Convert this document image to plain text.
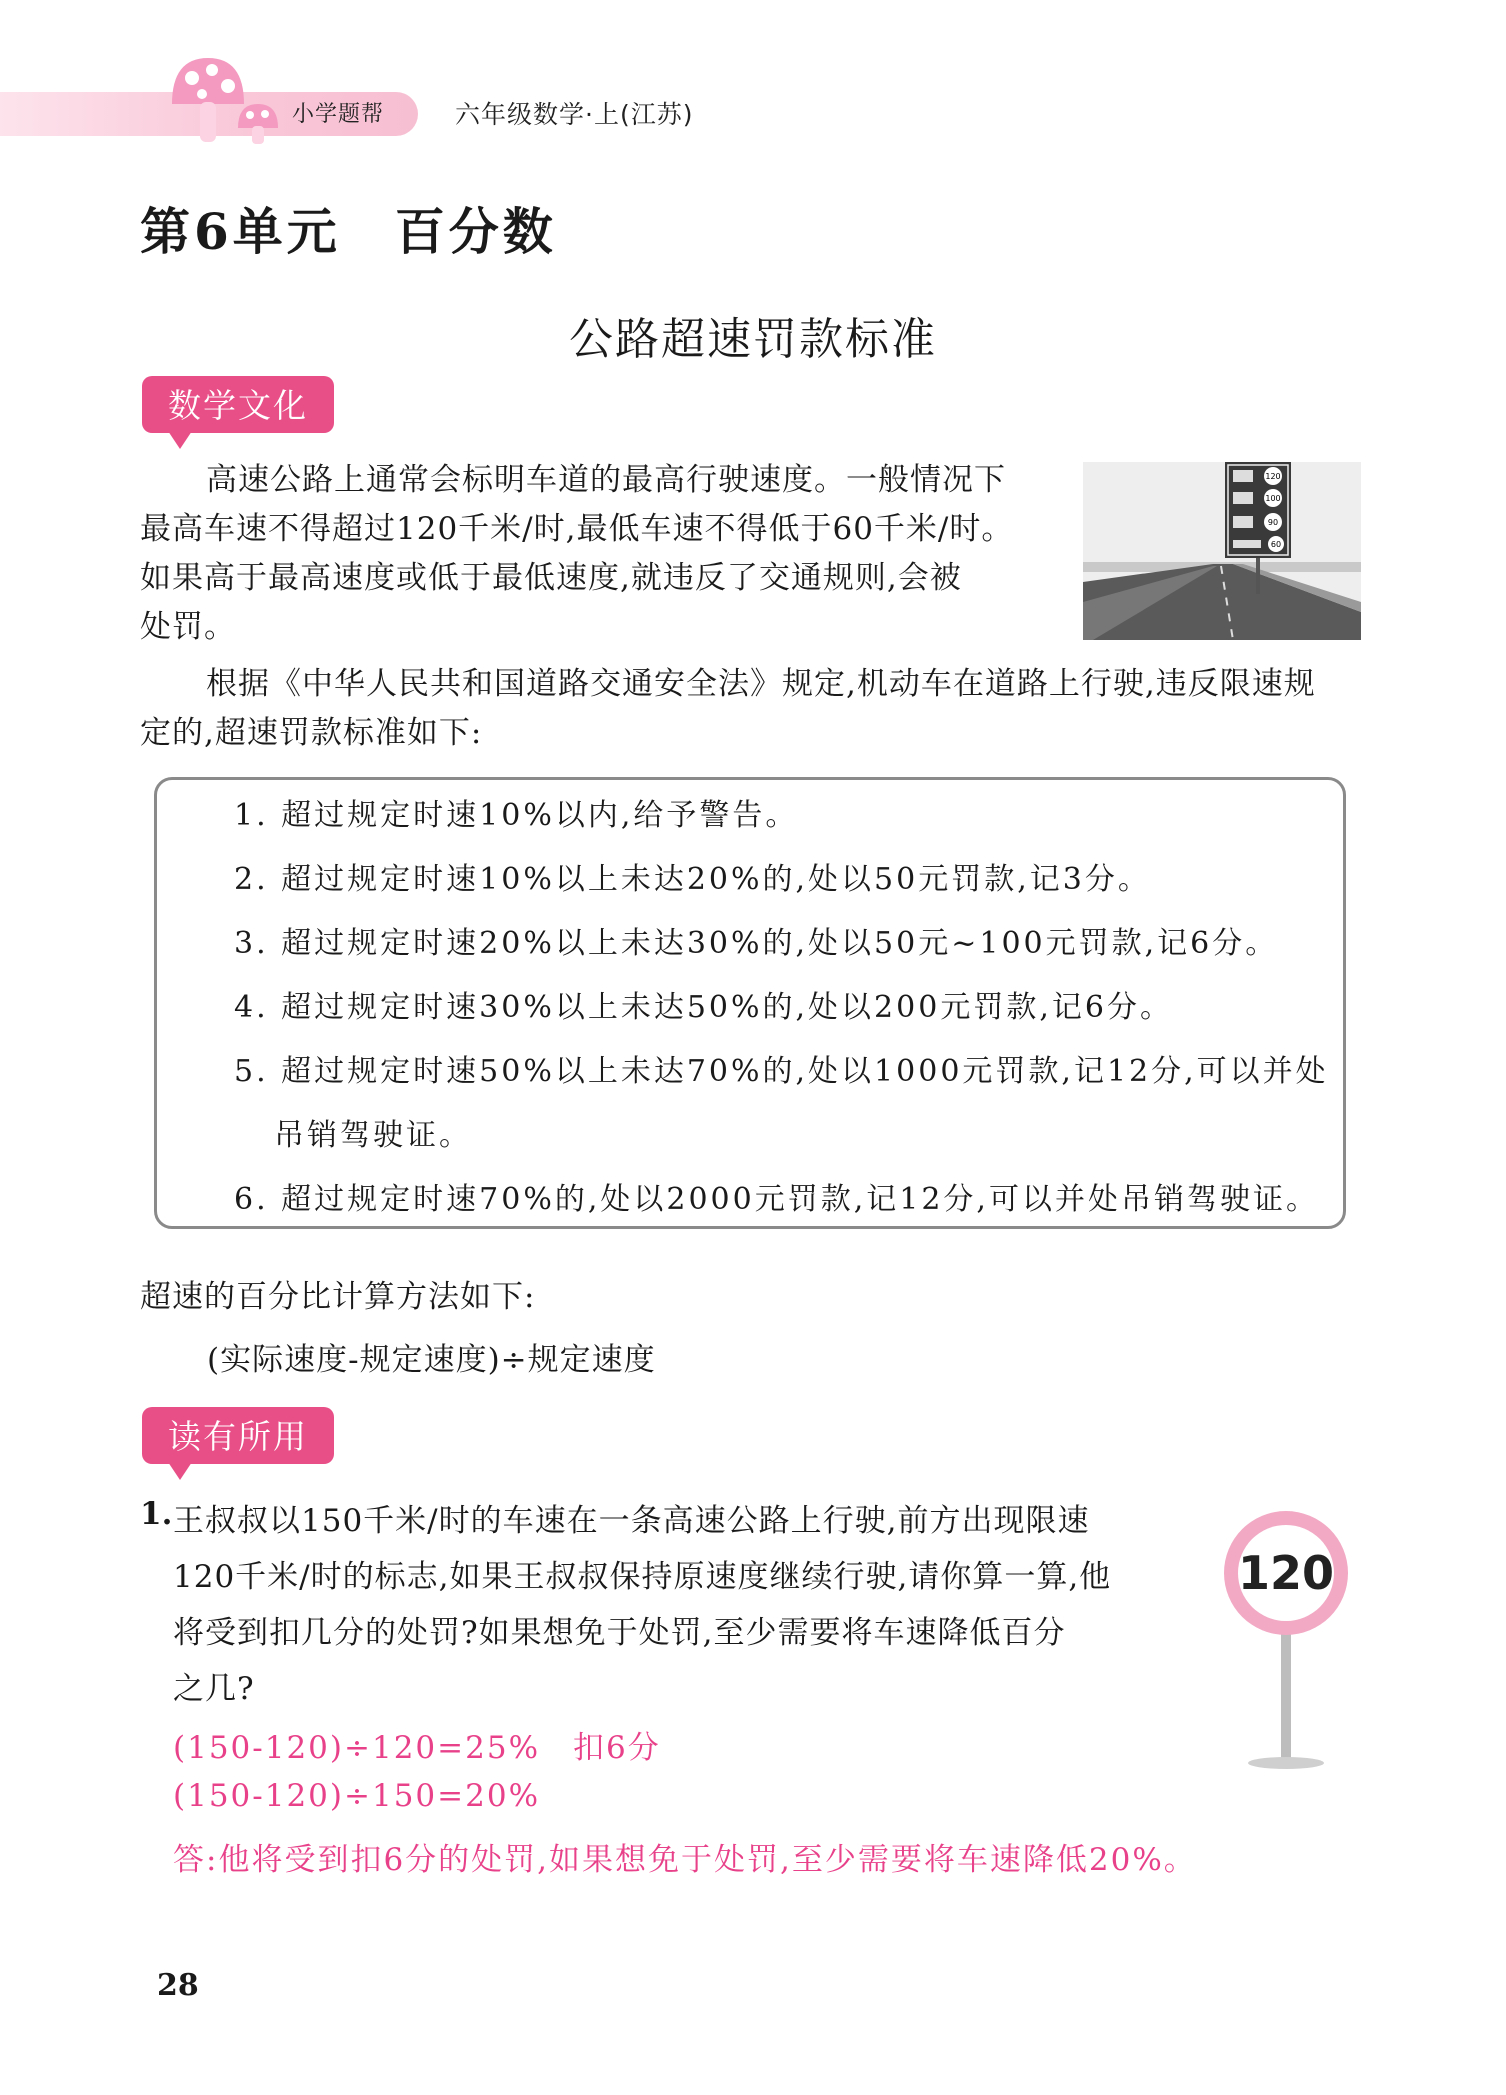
小学题帮	六年级数学·上(江苏)
第6单元　百分数
公路超速罚款标准
数学文化

高速公路上通常会标明车道的最高行驶速度。一般情况下

最高车速不得超过120千米/时,最低车速不得低于60千米/时。

如果高于最高速度或低于最低速度,就违反了交通规则,会被

处罚。

120
100
90
60

根据《中华人民共和国道路交通安全法》规定,机动车在道路上行驶,违反限速规

定的,超速罚款标准如下:

1. 超过规定时速10%以内,给予警告。
2. 超过规定时速10%以上未达20%的,处以50元罚款,记3分。
3. 超过规定时速20%以上未达30%的,处以50元~100元罚款,记6分。
4. 超过规定时速30%以上未达50%的,处以200元罚款,记6分。
5. 超过规定时速50%以上未达70%的,处以1000元罚款,记12分,可以并处
吊销驾驶证。
6. 超过规定时速70%的,处以2000元罚款,记12分,可以并处吊销驾驶证。
超速的百分比计算方法如下:
(实际速度-规定速度)÷规定速度
读有所用
1. 王叔叔以150千米/时的车速在一条高速公路上行驶,前方出现限速
120千米/时的标志,如果王叔叔保持原速度继续行驶,请你算一算,他
将受到扣几分的处罚?如果想免于处罚,至少需要将车速降低百分
之几?
(150-120)÷120=25%　扣6分
(150-120)÷150=20%
答:他将受到扣6分的处罚,如果想免于处罚,至少需要将车速降低20%。
120
28
